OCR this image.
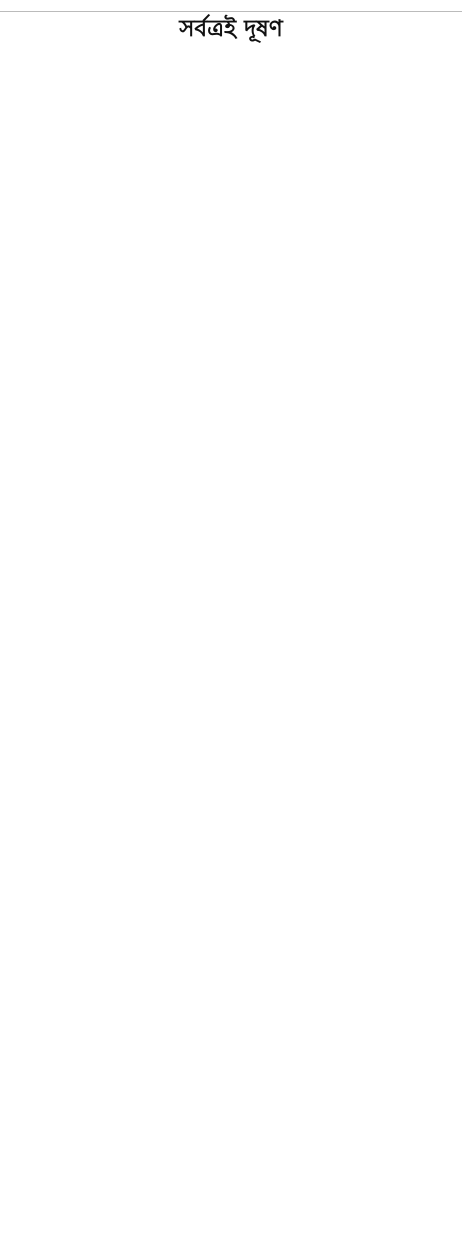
সর্বত্রই দূষণ
